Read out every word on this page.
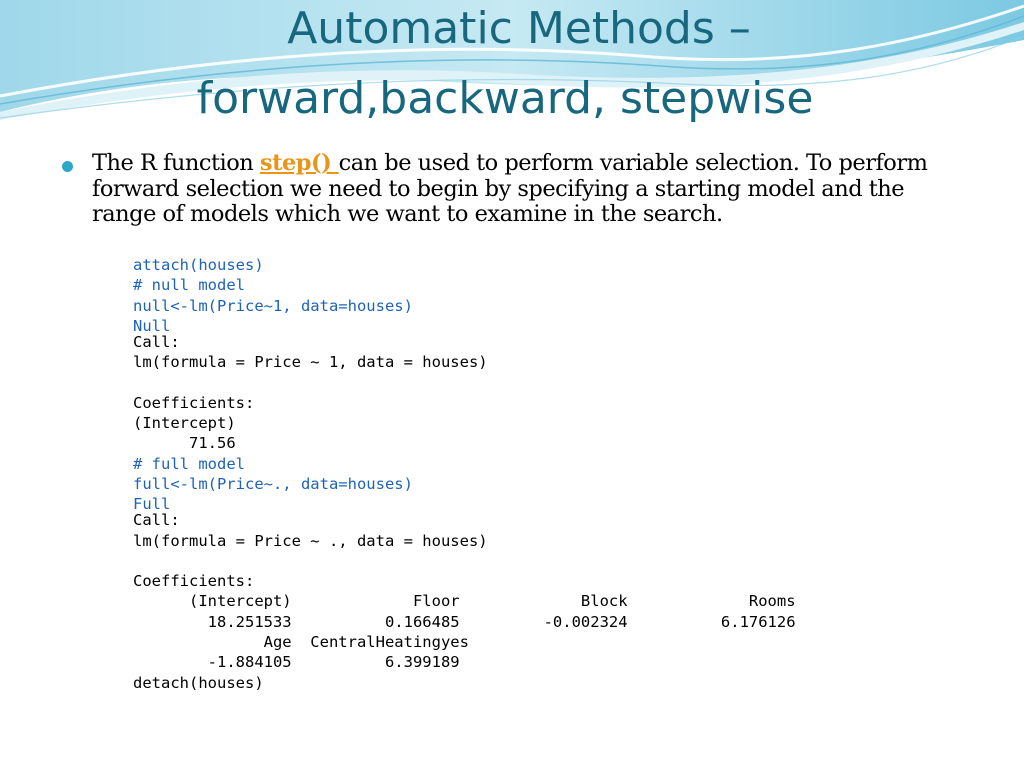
Automatic Methods –
forward,backward, stepwise
The R function step() can be used to perform variable selection. To perform forward selection we need to begin by specifying a starting model and the range of models which we want to examine in the search.
attach(houses)
# null model
null<-lm(Price~1, data=houses)
Null
Call:
lm(formula = Price ~ 1, data = houses)
Coefficients:
(Intercept)
71.56
# full model
full<-lm(Price~., data=houses)
Full
Call:
lm(formula = Price ~ ., data = houses)
Coefficients:
(Intercept)             Floor             Block             Rooms
18.251533          0.166485         -0.002324          6.176126
Age  CentralHeatingyes
-1.884105          6.399189
detach(houses)
